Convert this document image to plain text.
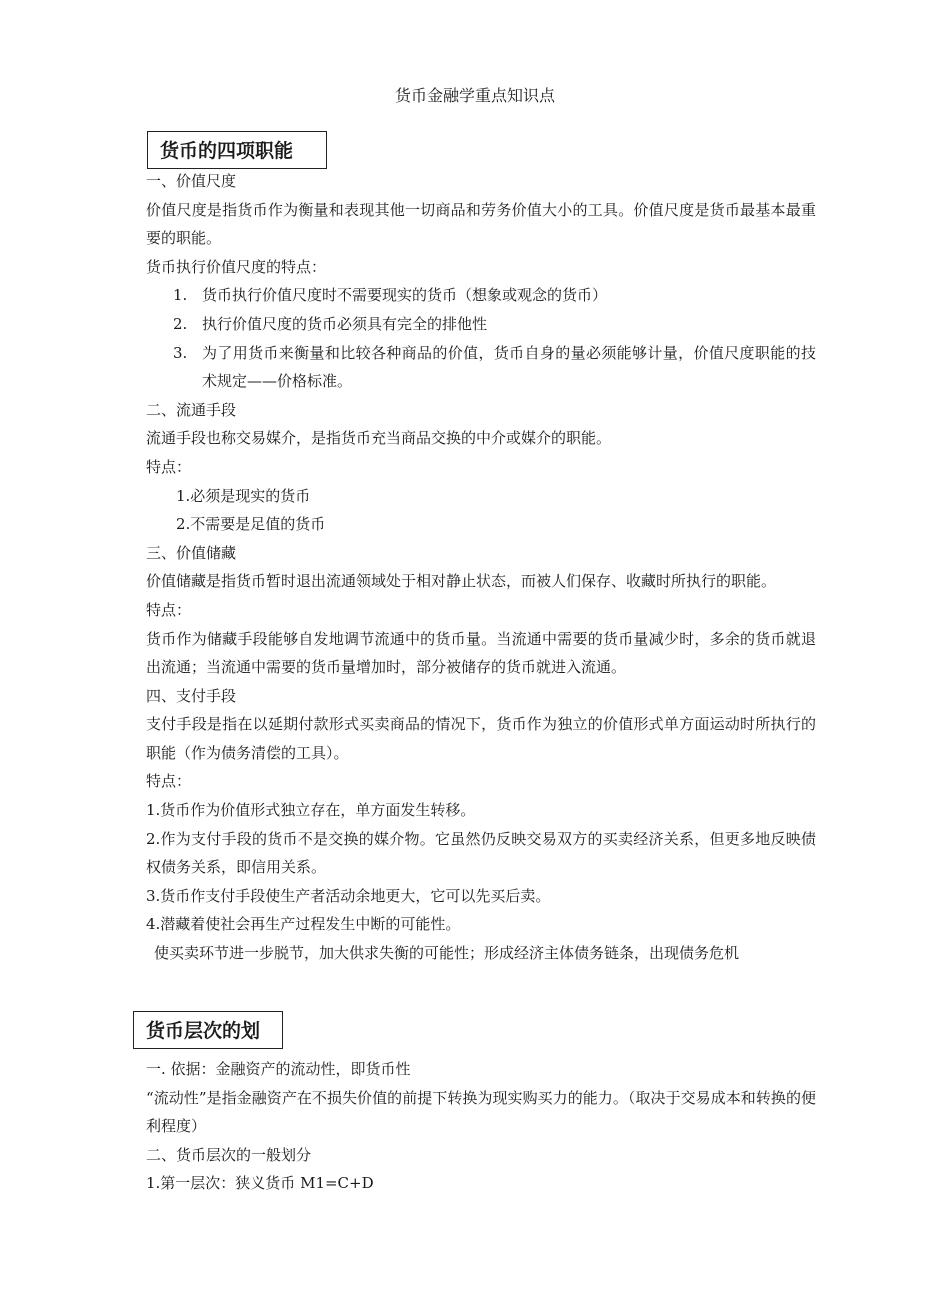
货币金融学重点知识点
货币的四项职能

一、价值尺度

价值尺度是指货币作为衡量和表现其他一切商品和劳务价值大小的工具。价值尺度是货币最基本最重要的职能。

货币执行价值尺度的特点：

1. 货币执行价值尺度时不需要现实的货币（想象或观念的货币）

2. 执行价值尺度的货币必须具有完全的排他性

3. 为了用货币来衡量和比较各种商品的价值，货币自身的量必须能够计量，价值尺度职能的技术规定——价格标准。

二、流通手段

流通手段也称交易媒介，是指货币充当商品交换的中介或媒介的职能。

特点：

1.必须是现实的货币

2.不需要是足值的货币

三、价值储藏

价值储藏是指货币暂时退出流通领域处于相对静止状态，而被人们保存、收藏时所执行的职能。

特点：

货币作为储藏手段能够自发地调节流通中的货币量。当流通中需要的货币量减少时，多余的货币就退出流通；当流通中需要的货币量增加时，部分被储存的货币就进入流通。

四、支付手段

支付手段是指在以延期付款形式买卖商品的情况下，货币作为独立的价值形式单方面运动时所执行的职能（作为债务清偿的工具）。

特点：

1.货币作为价值形式独立存在，单方面发生转移。

2.作为支付手段的货币不是交换的媒介物。它虽然仍反映交易双方的买卖经济关系，但更多地反映债权债务关系，即信用关系。

3.货币作支付手段使生产者活动余地更大，它可以先买后卖。

4.潜藏着使社会再生产过程发生中断的可能性。

使买卖环节进一步脱节，加大供求失衡的可能性；形成经济主体债务链条，出现债务危机

货币层次的划

一. 依据：金融资产的流动性，即货币性

“流动性”是指金融资产在不损失价值的前提下转换为现实购买力的能力。（取决于交易成本和转换的便利程度）

二、货币层次的一般划分

1.第一层次：狭义货币 M1=C+D
